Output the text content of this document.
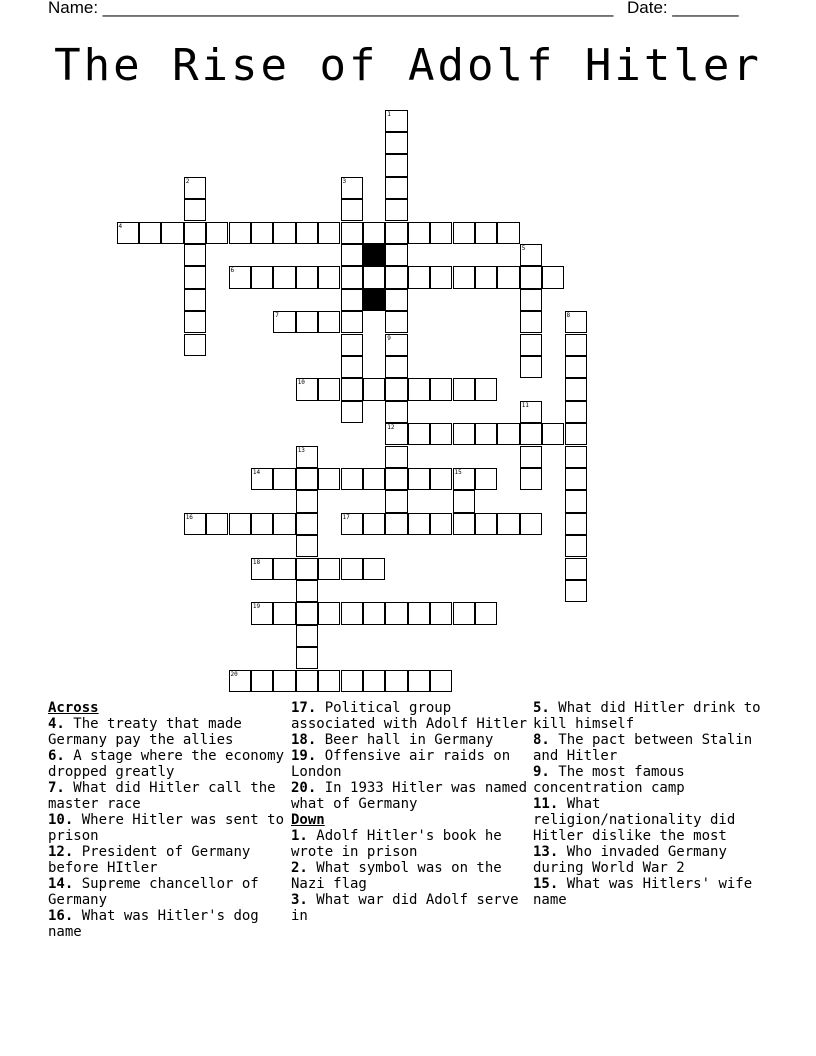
Name: ______________________________________________________ Date: _______
The Rise of Adolf Hitler
4
6
7
10
12
14	15
16	17
18
19
20
1
2	3
5
8
9
11
13
Across
4. The treaty that made Germany pay the allies
6. A stage where the economy dropped greatly
7. What did Hitler call the master race
10. Where Hitler was sent to prison
12. President of Germany before HItler
14. Supreme chancellor of Germany
16. What was Hitler's dog name
17. Political group associated with Adolf Hitler
18. Beer hall in Germany
19. Offensive air raids on London
20. In 1933 Hitler was named what of Germany
Down
1. Adolf Hitler's book he wrote in prison
2. What symbol was on the Nazi flag
3. What war did Adolf serve in
5. What did Hitler drink to kill himself
8. The pact between Stalin and Hitler
9. The most famous concentration camp
11. What religion/nationality did Hitler dislike the most
13. Who invaded Germany during World War 2
15. What was Hitlers' wife name
